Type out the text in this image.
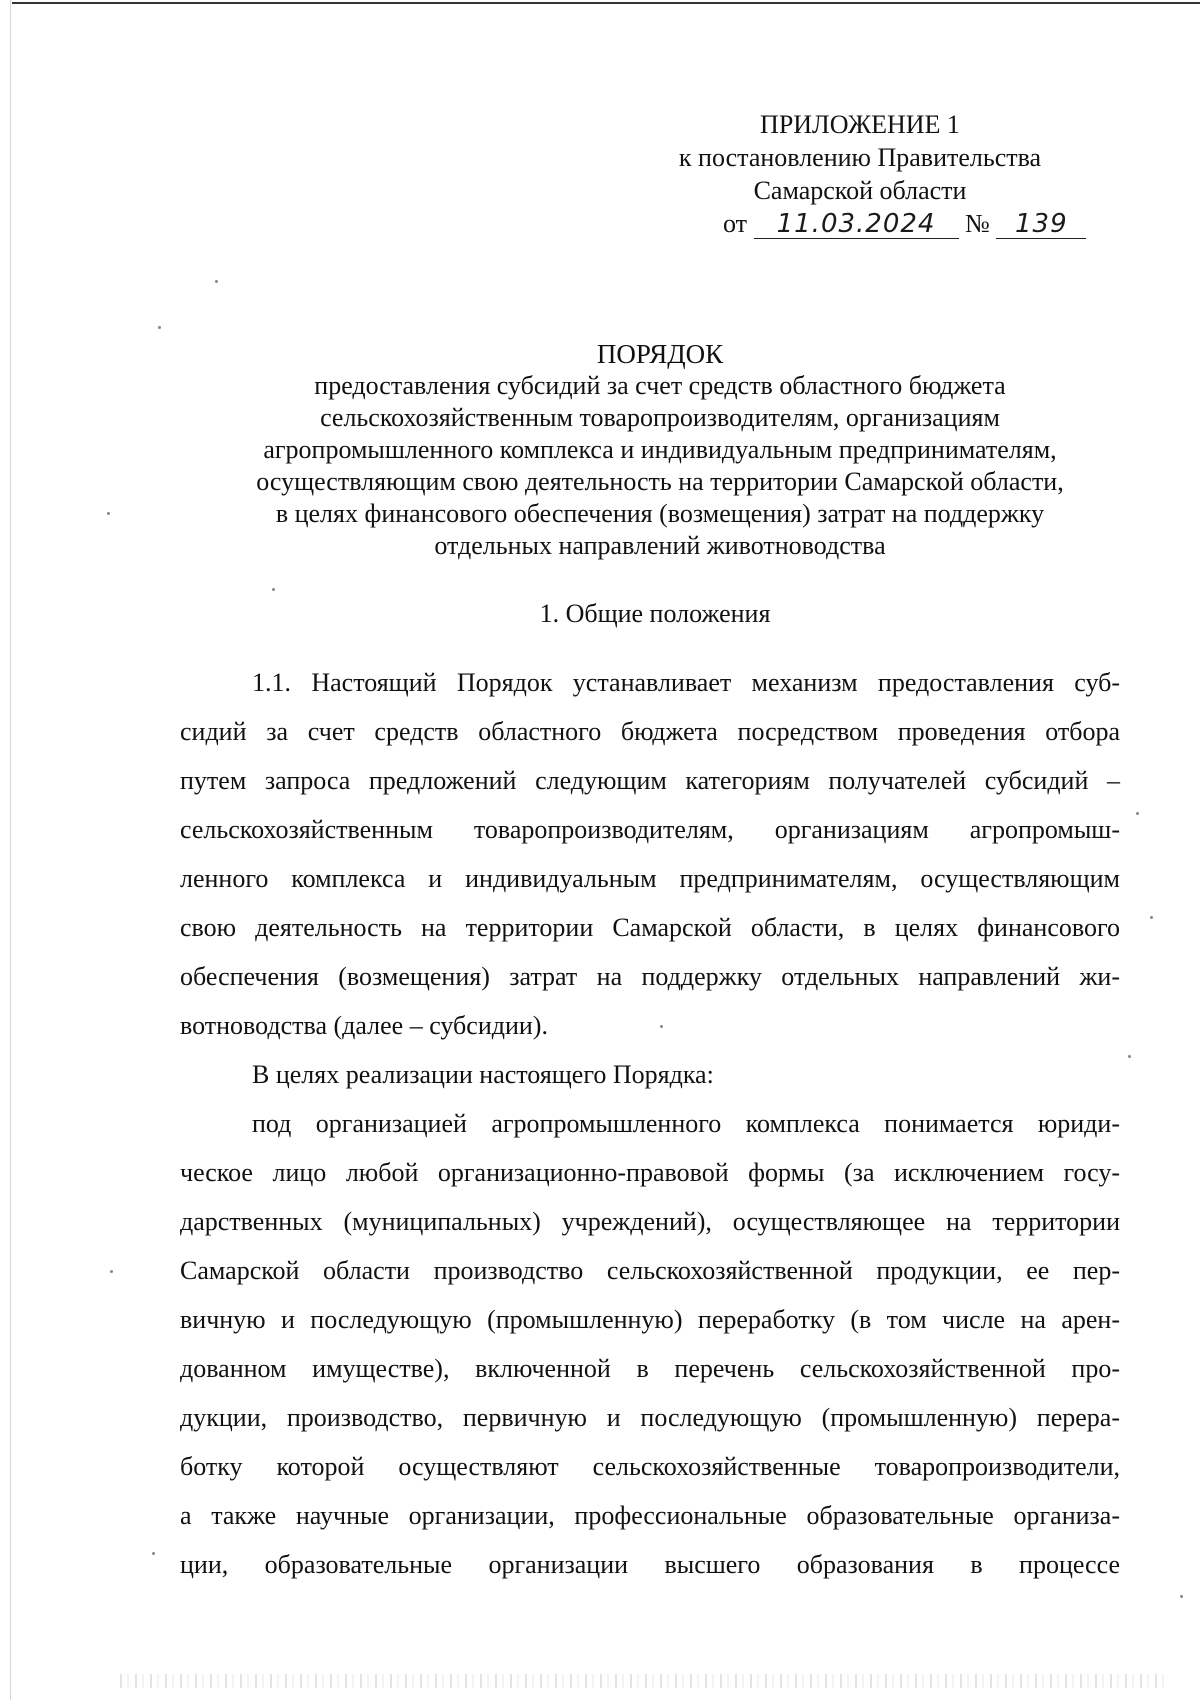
ПРИЛОЖЕНИЕ 1
к постановлению Правительства
Самарской области
от 11.03.2024 № 139
ПОРЯДОК
предоставления субсидий за счет средств областного бюджета
сельскохозяйственным товаропроизводителям, организациям
агропромышленного комплекса и индивидуальным предпринимателям,
осуществляющим свою деятельность на территории Самарской области,
в целях финансового обеспечения (возмещения) затрат на поддержку
отдельных направлений животноводства
1. Общие положения
1.1. Настоящий Порядок устанавливает механизм предоставления суб-
сидий за счет средств областного бюджета посредством проведения отбора
путем запроса предложений следующим категориям получателей субсидий –
сельскохозяйственным товаропроизводителям, организациям агропромыш-
ленного комплекса и индивидуальным предпринимателям, осуществляющим
свою деятельность на территории Самарской области, в целях финансового
обеспечения (возмещения) затрат на поддержку отдельных направлений жи-
вотноводства (далее – субсидии).
В целях реализации настоящего Порядка:
под организацией агропромышленного комплекса понимается юриди-
ческое лицо любой организационно-правовой формы (за исключением госу-
дарственных (муниципальных) учреждений), осуществляющее на территории
Самарской области производство сельскохозяйственной продукции, ее пер-
вичную и последующую (промышленную) переработку (в том числе на арен-
дованном имуществе), включенной в перечень сельскохозяйственной про-
дукции, производство, первичную и последующую (промышленную) перера-
ботку которой осуществляют сельскохозяйственные товаропроизводители,
а также научные организации, профессиональные образовательные организа-
ции, образовательные организации высшего образования в процессе
